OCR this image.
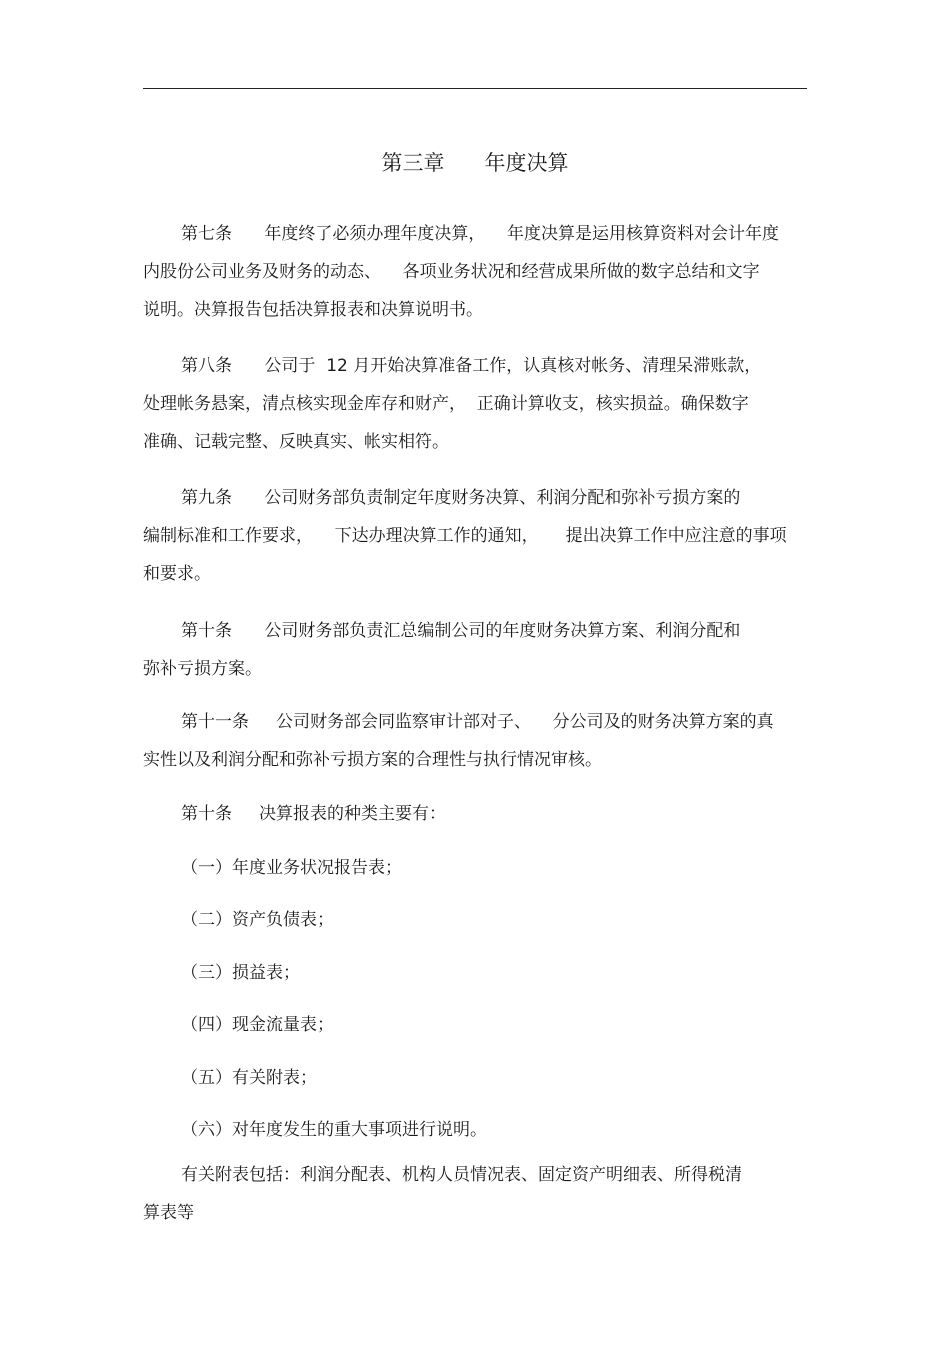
第三章      年度决算
第七条      年度终了必须办理年度决算，    年度决算是运用核算资料对会计年度
内股份公司业务及财务的动态、    各项业务状况和经营成果所做的数字总结和文字
说明。决算报告包括决算报表和决算说明书。
第八条      公司于  12 月开始决算准备工作，认真核对帐务、清理呆滞账款，
处理帐务悬案，清点核实现金库存和财产，  正确计算收支，核实损益。确保数字
准确、记载完整、反映真实、帐实相符。
第九条      公司财务部负责制定年度财务决算、利润分配和弥补亏损方案的
编制标准和工作要求，    下达办理决算工作的通知，     提出决算工作中应注意的事项
和要求。
第十条      公司财务部负责汇总编制公司的年度财务决算方案、利润分配和
弥补亏损方案。
第十一条     公司财务部会同监察审计部对子、    分公司及的财务决算方案的真
实性以及利润分配和弥补亏损方案的合理性与执行情况审核。
第十条     决算报表的种类主要有：
（一）年度业务状况报告表；
（二）资产负债表；
（三）损益表；
（四）现金流量表；
（五）有关附表；
（六）对年度发生的重大事项进行说明。
有关附表包括：利润分配表、机构人员情况表、固定资产明细表、所得税清
算表等
